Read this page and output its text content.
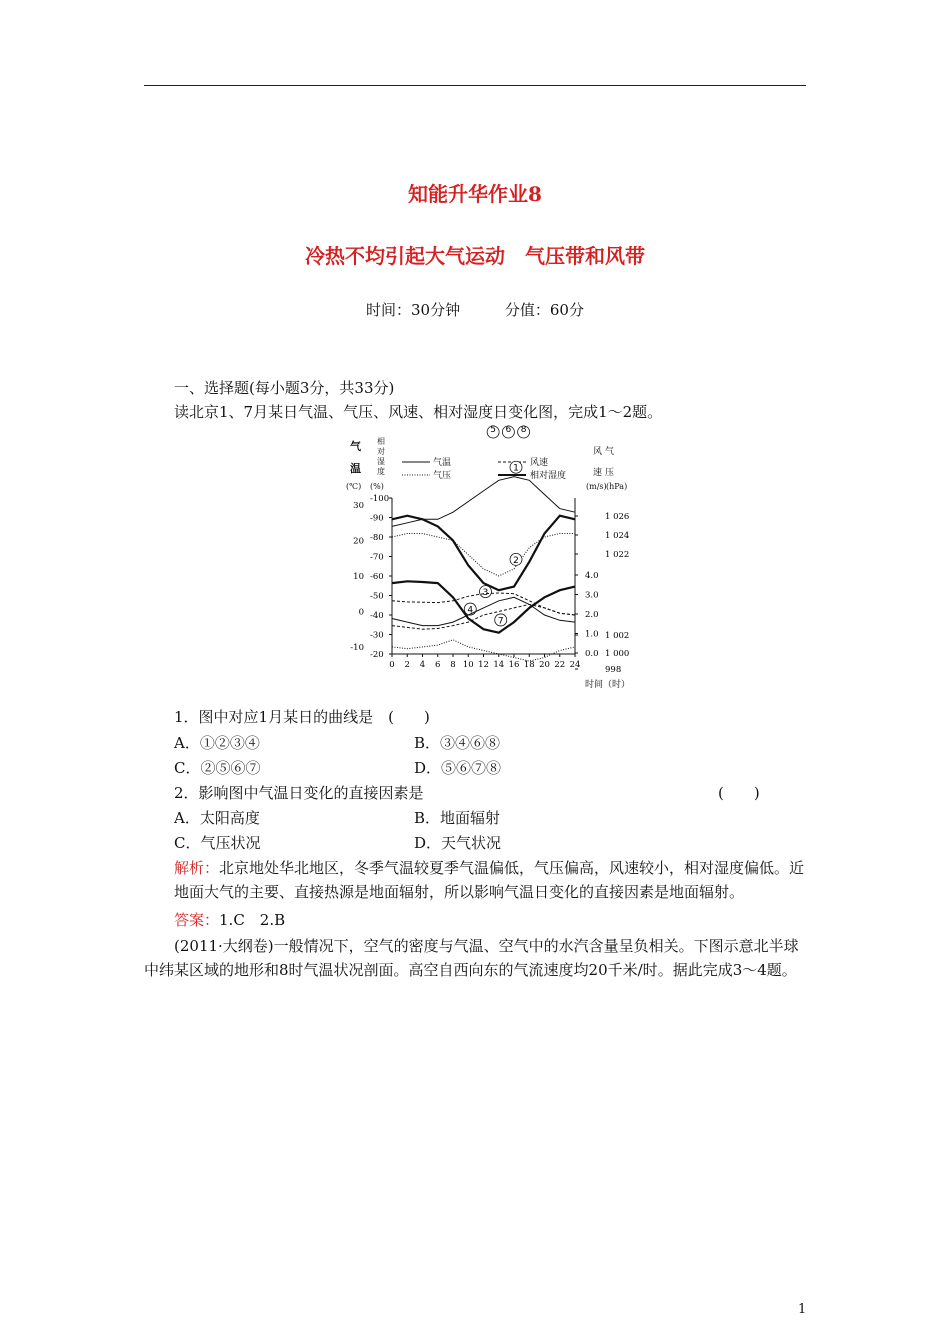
知能升华作业8
冷热不均引起大气运动　气压带和风带
时间：30分钟	分值：60分
一、选择题(每小题3分，共33分)
读北京1、7月某日气温、气压、风速、相对湿度日变化图，完成1～2题。
气
温
(℃)
相
对
湿
度
(%)
风
速
(m/s)
气
压
(hPa)
气温	风速
气压	相对湿度
时间（时）
0 2 4 6 8 10 12 14 16 18 20 22 24
30
20
10
0
-10
-100
-90
-80
-70
-60
-50
-40
-30
-20
4.0
3.0
2.0
1.0
0.0
1 026
1 024
1 022
1 002
1 000
998
1
2
3
4
5 6
7
8
1．图中对应1月某日的曲线是　(　　)
A．①②③④	B．③④⑥⑧
C．②⑤⑥⑦	D．⑤⑥⑦⑧
2．影响图中气温日变化的直接因素是	(　　)
A．太阳高度	B．地面辐射
C．气压状况	D．天气状况
解析：北京地处华北地区，冬季气温较夏季气温偏低，气压偏高，风速较小，相对湿度偏低。近地面大气的主要、直接热源是地面辐射，所以影响气温日变化的直接因素是地面辐射。
答案：1.C 2.B
(2011·大纲卷)一般情况下，空气的密度与气温、空气中的水汽含量呈负相关。下图示意北半球中纬某区域的地形和8时气温状况剖面。高空自西向东的气流速度均20千米/时。据此完成3～4题。
1
